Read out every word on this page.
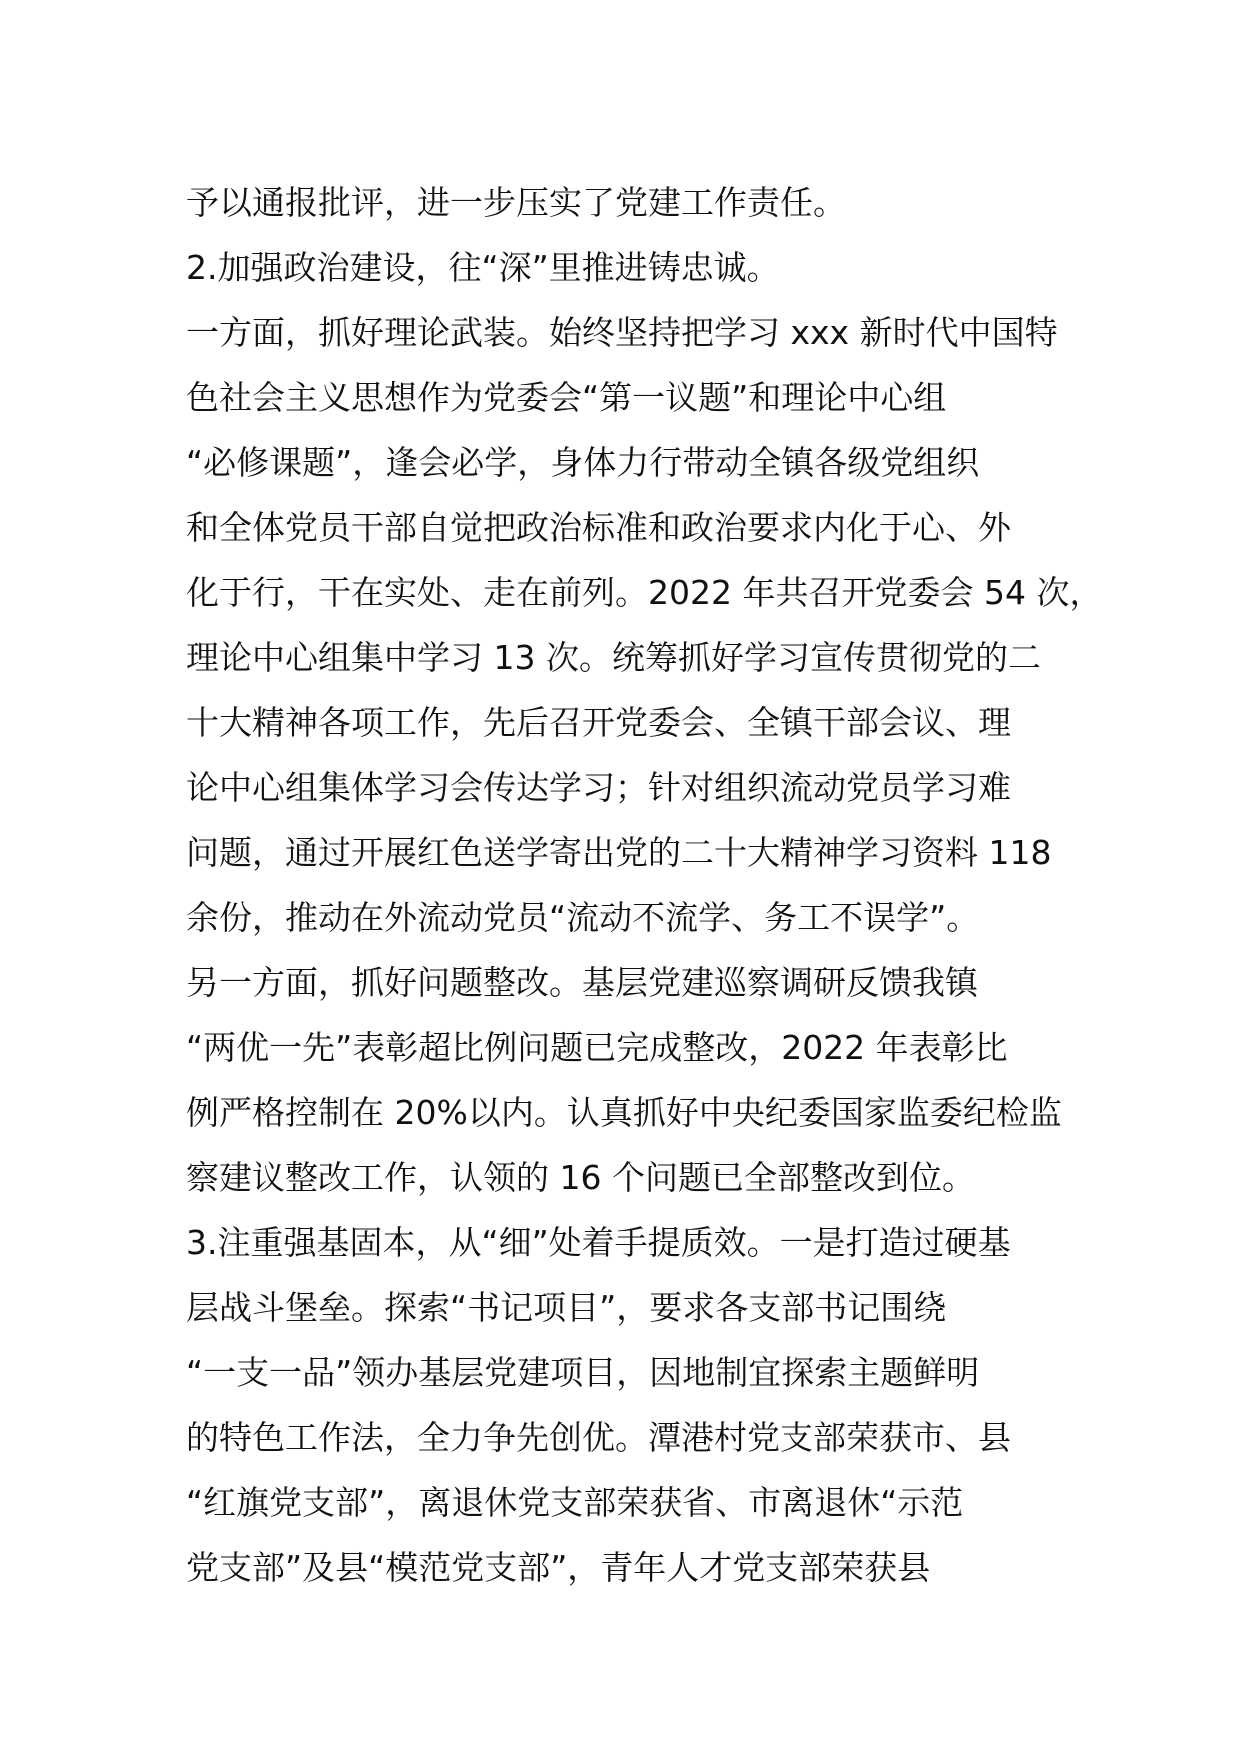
予以通报批评，进一步压实了党建工作责任。
2.加强政治建设，往“深”里推进铸忠诚。
一方面，抓好理论武装。始终坚持把学习 xxx 新时代中国特
色社会主义思想作为党委会“第一议题”和理论中心组
“必修课题”，逢会必学，身体力行带动全镇各级党组织
和全体党员干部自觉把政治标准和政治要求内化于心、外
化于行，干在实处、走在前列。2022 年共召开党委会 54 次，
理论中心组集中学习 13 次。统筹抓好学习宣传贯彻党的二
十大精神各项工作，先后召开党委会、全镇干部会议、理
论中心组集体学习会传达学习；针对组织流动党员学习难
问题，通过开展红色送学寄出党的二十大精神学习资料 118
余份，推动在外流动党员“流动不流学、务工不误学”。
另一方面，抓好问题整改。基层党建巡察调研反馈我镇
“两优一先”表彰超比例问题已完成整改，2022 年表彰比
例严格控制在 20%以内。认真抓好中央纪委国家监委纪检监
察建议整改工作，认领的 16 个问题已全部整改到位。
3.注重强基固本，从“细”处着手提质效。一是打造过硬基
层战斗堡垒。探索“书记项目”，要求各支部书记围绕
“一支一品”领办基层党建项目，因地制宜探索主题鲜明
的特色工作法，全力争先创优。潭港村党支部荣获市、县
“红旗党支部”，离退休党支部荣获省、市离退休“示范
党支部”及县“模范党支部”，青年人才党支部荣获县
